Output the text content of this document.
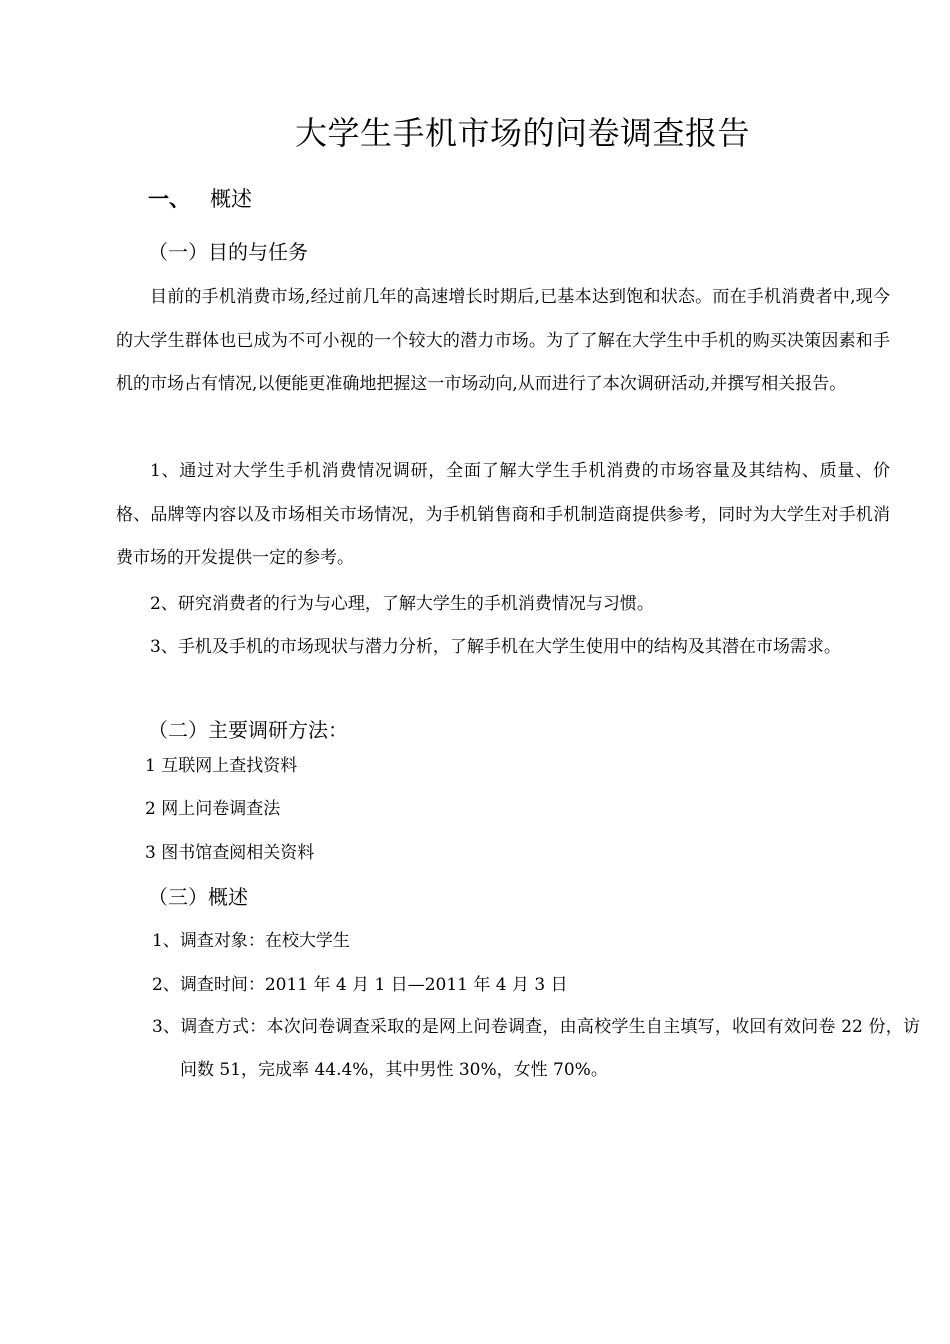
大学生手机市场的问卷调查报告
一、 概述
（一）目的与任务
目前的手机消费市场,经过前几年的高速增长时期后,已基本达到饱和状态。而在手机消费者中,现今的大学生群体也已成为不可小视的一个较大的潜力市场。为了了解在大学生中手机的购买决策因素和手机的市场占有情况,以便能更准确地把握这一市场动向,从而进行了本次调研活动,并撰写相关报告。
1、通过对大学生手机消费情况调研，全面了解大学生手机消费的市场容量及其结构、质量、价格、品牌等内容以及市场相关市场情况，为手机销售商和手机制造商提供参考，同时为大学生对手机消费市场的开发提供一定的参考。
2、研究消费者的行为与心理，了解大学生的手机消费情况与习惯。
3、手机及手机的市场现状与潜力分析，了解手机在大学生使用中的结构及其潜在市场需求。
（二）主要调研方法：
1 互联网上查找资料
2 网上问卷调查法
3 图书馆查阅相关资料
（三）概述
1、调查对象：在校大学生
2、调查时间：2011 年 4 月 1 日—2011 年 4 月 3 日
3、调查方式：本次问卷调查采取的是网上问卷调查，由高校学生自主填写，收回有效问卷 22 份，访问数 51，完成率 44.4%，其中男性 30%，女性 70%。
